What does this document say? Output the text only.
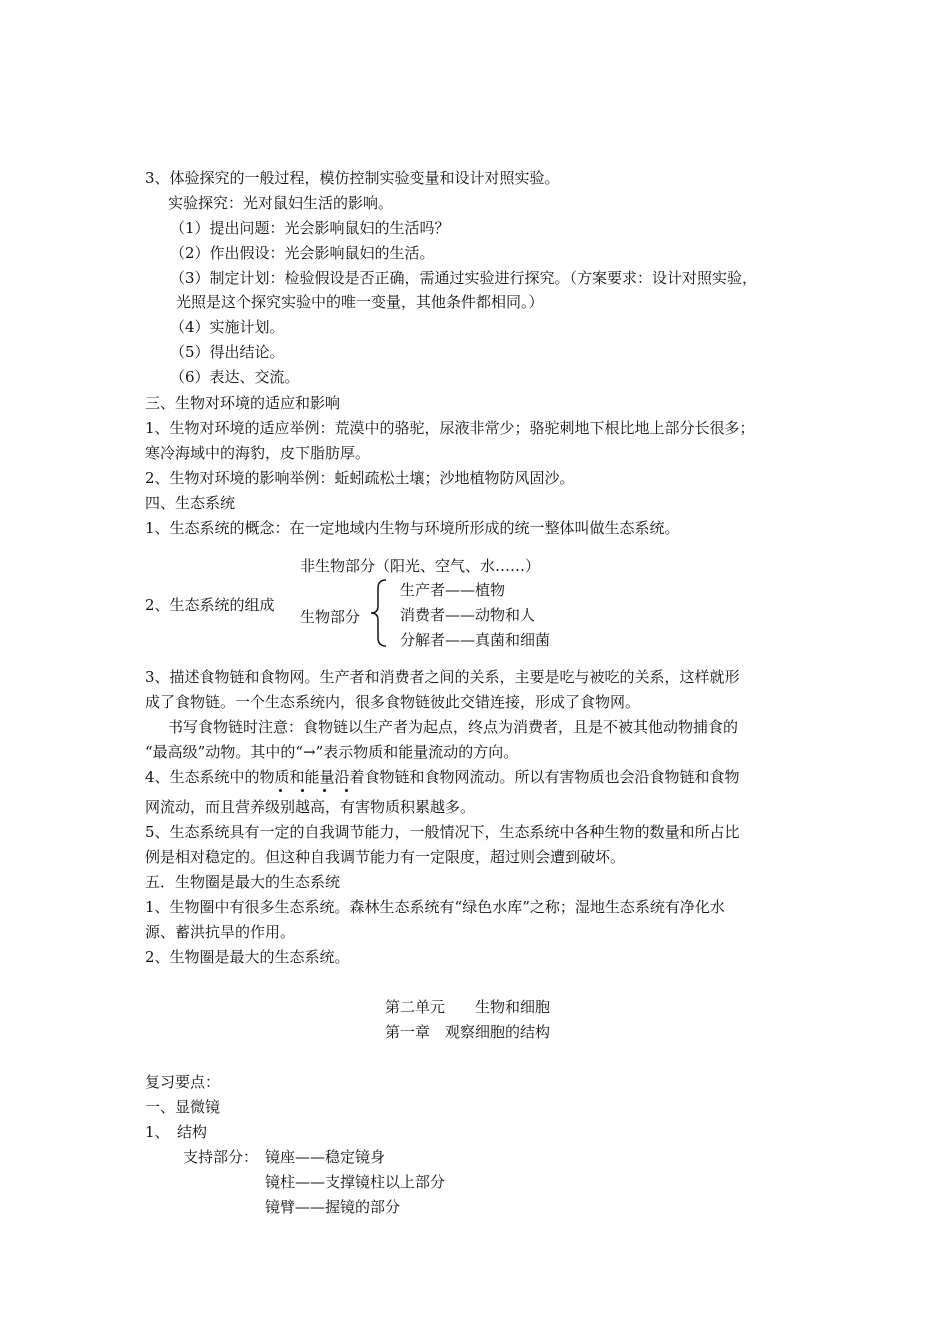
3、体验探究的一般过程，模仿控制实验变量和设计对照实验。
实验探究：光对鼠妇生活的影响。
（1）提出问题：光会影响鼠妇的生活吗？
（2）作出假设：光会影响鼠妇的生活。
（3）制定计划：检验假设是否正确，需通过实验进行探究。（方案要求：设计对照实验，
光照是这个探究实验中的唯一变量，其他条件都相同。）
（4）实施计划。
（5）得出结论。
（6）表达、交流。
三、生物对环境的适应和影响
1、生物对环境的适应举例：荒漠中的骆驼，尿液非常少；骆驼刺地下根比地上部分长很多；
寒冷海域中的海豹，皮下脂肪厚。
2、生物对环境的影响举例：蚯蚓疏松土壤；沙地植物防风固沙。
四、生态系统
1、生态系统的概念：在一定地域内生物与环境所形成的统一整体叫做生态系统。
非生物部分（阳光、空气、水……）
2、生态系统的组成
生物部分
生产者——植物
消费者——动物和人
分解者——真菌和细菌
3、描述食物链和食物网。生产者和消费者之间的关系，主要是吃与被吃的关系，这样就形
成了食物链。一个生态系统内，很多食物链彼此交错连接，形成了食物网。
书写食物链时注意：食物链以生产者为起点，终点为消费者，且是不被其他动物捕食的
“最高级”动物。其中的“→”表示物质和能量流动的方向。
4、生态系统中的物质和能量沿着食物链和食物网流动。所以有害物质也会沿食物链和食物
网流动，而且营养级别越高，有害物质积累越多。
5、生态系统具有一定的自我调节能力，一般情况下，生态系统中各种生物的数量和所占比
例是相对稳定的。但这种自我调节能力有一定限度，超过则会遭到破坏。
五．生物圈是最大的生态系统
1、生物圈中有很多生态系统。森林生态系统有“绿色水库”之称；湿地生态系统有净化水
源、蓄洪抗旱的作用。
2、生物圈是最大的生态系统。
第二单元　　生物和细胞
第一章　观察细胞的结构
复习要点：
一、显微镜
1、　结构
支持部分： 镜座——稳定镜身
镜柱——支撑镜柱以上部分
镜臂——握镜的部分
